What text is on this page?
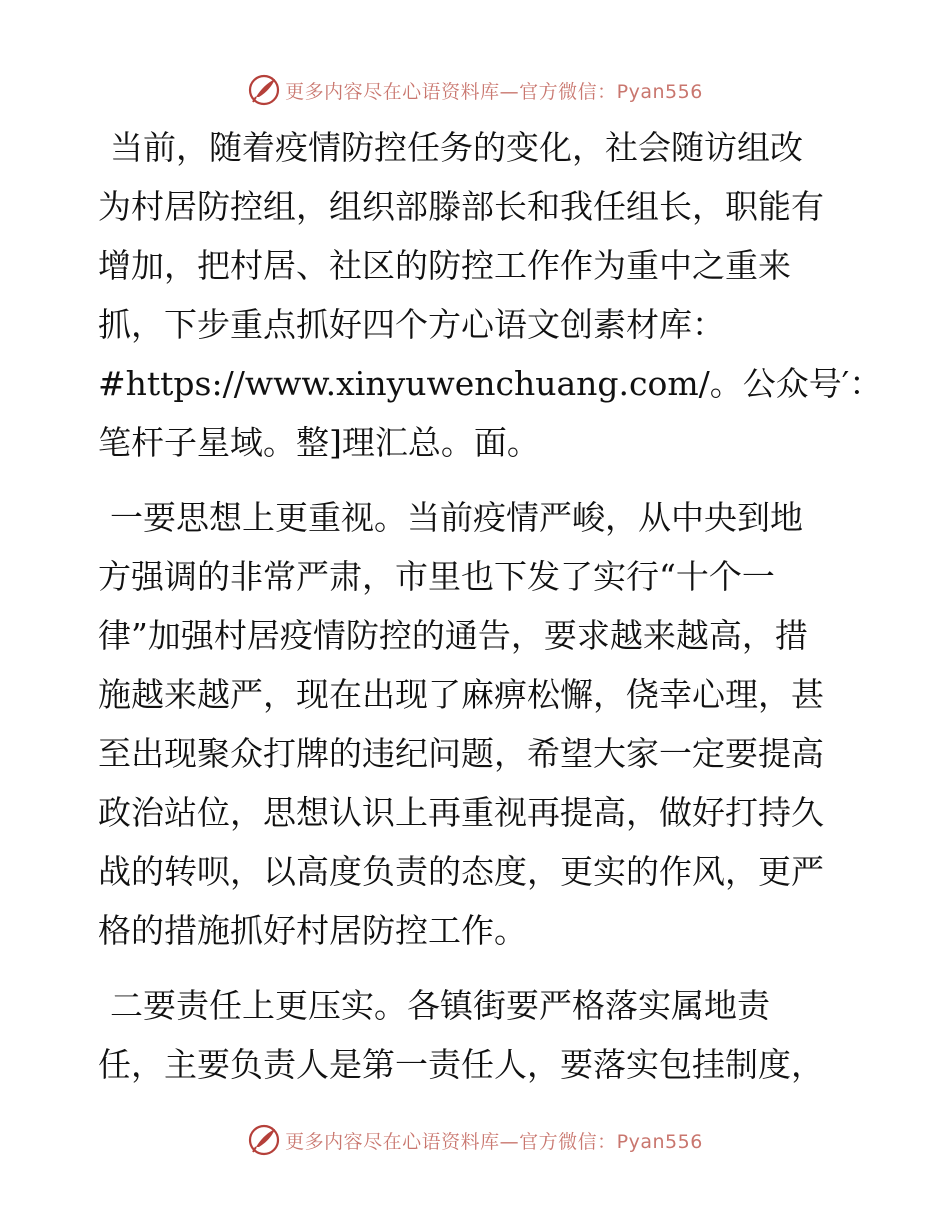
更多内容尽在心语资料库—官方微信：Pyan556

当前，随着疫情防控任务的变化，社会随访组改
为村居防控组，组织部滕部长和我任组长，职能有
增加，把村居、社区的防控工作作为重中之重来
抓，下步重点抓好四个方心语文创素材库：
#https://www.xinyuwenchuang.com/。公众号′：
笔杆子星域。整]理汇总。面。

一要思想上更重视。当前疫情严峻，从中央到地
方强调的非常严肃，市里也下发了实行“十个一
律”加强村居疫情防控的通告，要求越来越高，措
施越来越严，现在出现了麻痹松懈，侥幸心理，甚
至出现聚众打牌的违纪问题，希望大家一定要提高
政治站位，思想认识上再重视再提高，做好打持久
战的转呗，以高度负责的态度，更实的作风，更严
格的措施抓好村居防控工作。

二要责任上更压实。各镇街要严格落实属地责
任，主要负责人是第一责任人，要落实包挂制度，

更多内容尽在心语资料库—官方微信：Pyan556
